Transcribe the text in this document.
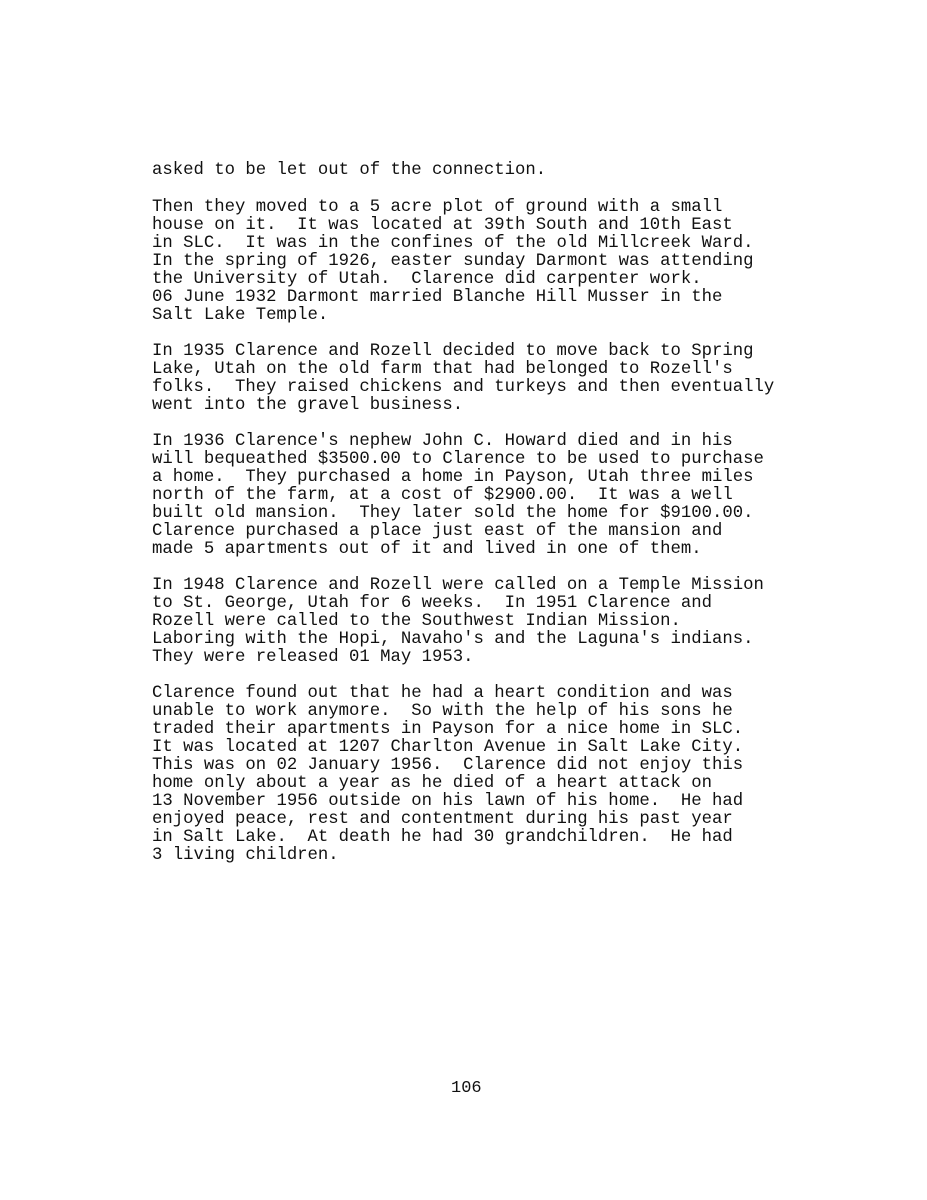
asked to be let out of the connection.

Then they moved to a 5 acre plot of ground with a small
house on it.  It was located at 39th South and 10th East
in SLC.  It was in the confines of the old Millcreek Ward.
In the spring of 1926, easter sunday Darmont was attending
the University of Utah.  Clarence did carpenter work.
06 June 1932 Darmont married Blanche Hill Musser in the
Salt Lake Temple.

In 1935 Clarence and Rozell decided to move back to Spring
Lake, Utah on the old farm that had belonged to Rozell's
folks.  They raised chickens and turkeys and then eventually
went into the gravel business.

In 1936 Clarence's nephew John C. Howard died and in his
will bequeathed $3500.00 to Clarence to be used to purchase
a home.  They purchased a home in Payson, Utah three miles
north of the farm, at a cost of $2900.00.  It was a well
built old mansion.  They later sold the home for $9100.00.
Clarence purchased a place just east of the mansion and
made 5 apartments out of it and lived in one of them.

In 1948 Clarence and Rozell were called on a Temple Mission
to St. George, Utah for 6 weeks.  In 1951 Clarence and
Rozell were called to the Southwest Indian Mission.
Laboring with the Hopi, Navaho's and the Laguna's indians.
They were released 01 May 1953.

Clarence found out that he had a heart condition and was
unable to work anymore.  So with the help of his sons he
traded their apartments in Payson for a nice home in SLC.
It was located at 1207 Charlton Avenue in Salt Lake City.
This was on 02 January 1956.  Clarence did not enjoy this
home only about a year as he died of a heart attack on
13 November 1956 outside on his lawn of his home.  He had
enjoyed peace, rest and contentment during his past year
in Salt Lake.  At death he had 30 grandchildren.  He had
3 living children.

106
